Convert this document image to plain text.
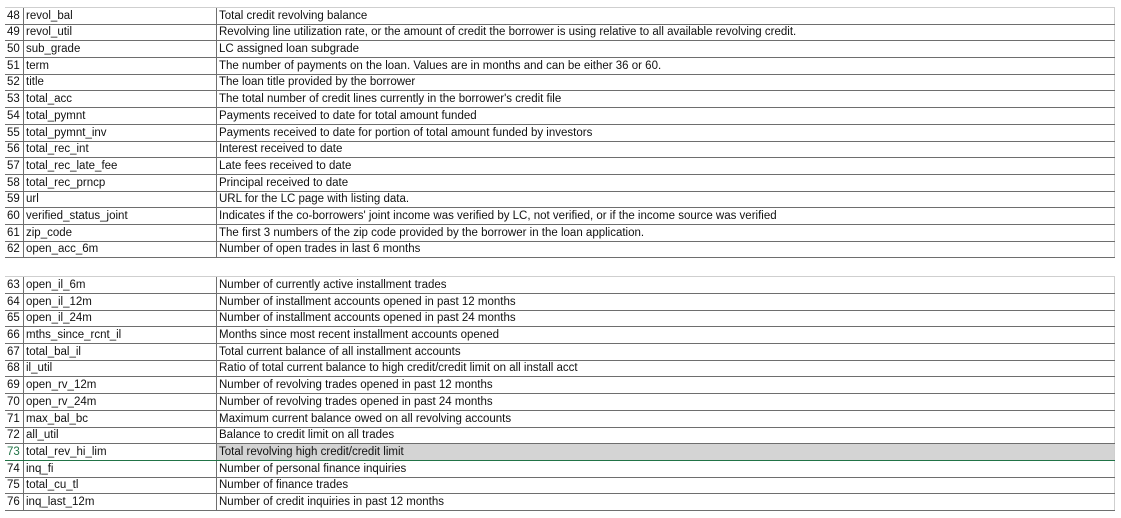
48	revol_bal	Total credit revolving balance
49	revol_util	Revolving line utilization rate, or the amount of credit the borrower is using relative to all available revolving credit.
50	sub_grade	LC assigned loan subgrade
51	term	The number of payments on the loan. Values are in months and can be either 36 or 60.
52	title	The loan title provided by the borrower
53	total_acc	The total number of credit lines currently in the borrower's credit file
54	total_pymnt	Payments received to date for total amount funded
55	total_pymnt_inv	Payments received to date for portion of total amount funded by investors
56	total_rec_int	Interest received to date
57	total_rec_late_fee	Late fees received to date
58	total_rec_prncp	Principal received to date
59	url	URL for the LC page with listing data.
60	verified_status_joint	Indicates if the co-borrowers' joint income was verified by LC, not verified, or if the income source was verified
61	zip_code	The first 3 numbers of the zip code provided by the borrower in the loan application.
62	open_acc_6m	Number of open trades in last 6 months
63	open_il_6m	Number of currently active installment trades
64	open_il_12m	Number of installment accounts opened in past 12 months
65	open_il_24m	Number of installment accounts opened in past 24 months
66	mths_since_rcnt_il	Months since most recent installment accounts opened
67	total_bal_il	Total current balance of all installment accounts
68	il_util	Ratio of total current balance to high credit/credit limit on all install acct
69	open_rv_12m	Number of revolving trades opened in past 12 months
70	open_rv_24m	Number of revolving trades opened in past 24 months
71	max_bal_bc	Maximum current balance owed on all revolving accounts
72	all_util	Balance to credit limit on all trades
73	total_rev_hi_lim	Total revolving high credit/credit limit
74	inq_fi	Number of personal finance inquiries
75	total_cu_tl	Number of finance trades
76	inq_last_12m	Number of credit inquiries in past 12 months
